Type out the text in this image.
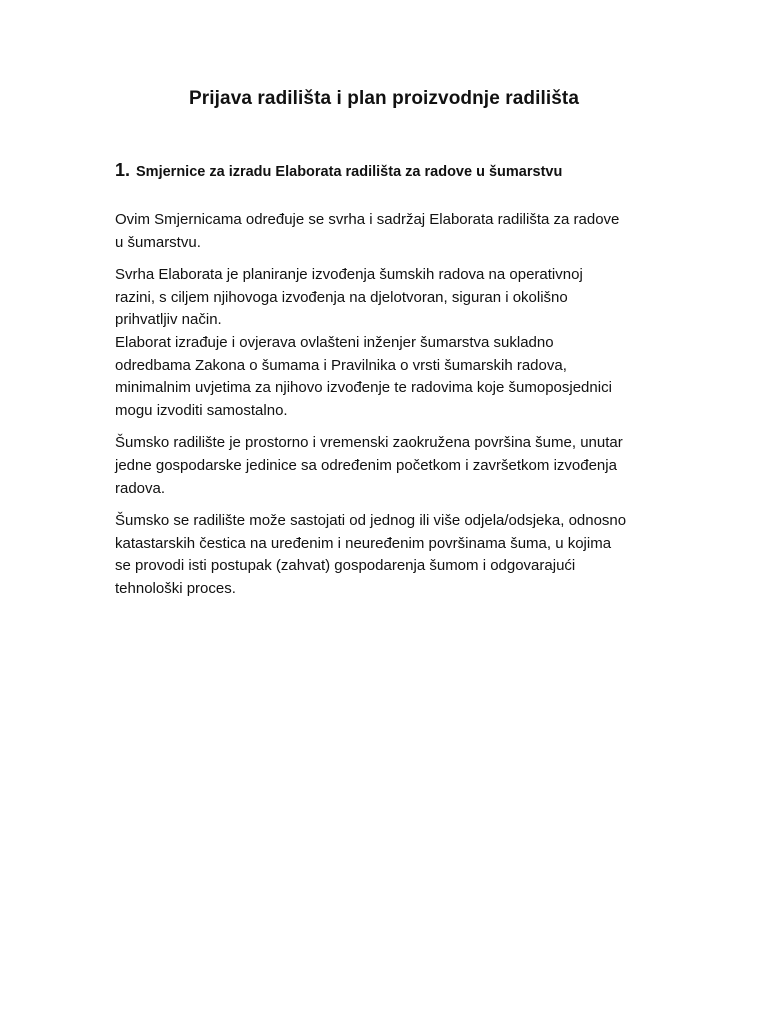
Prijava radilišta i plan proizvodnje radilišta
1. Smjernice za izradu Elaborata radilišta za radove u šumarstvu

Ovim Smjernicama određuje se svrha i sadržaj Elaborata radilišta za radove
u šumarstvu.

Svrha Elaborata je planiranje izvođenja šumskih radova na operativnoj
razini, s ciljem njihovoga izvođenja na djelotvoran, siguran i okolišno
prihvatljiv način.

Elaborat izrađuje i ovjerava ovlašteni inženjer šumarstva sukladno
odredbama Zakona o šumama i Pravilnika o vrsti šumarskih radova,
minimalnim uvjetima za njihovo izvođenje te radovima koje šumoposjednici
mogu izvoditi samostalno.

Šumsko radilište je prostorno i vremenski zaokružena površina šume, unutar
jedne gospodarske jedinice sa određenim početkom i završetkom izvođenja
radova.

Šumsko se radilište može sastojati od jednog ili više odjela/odsjeka, odnosno
katastarskih čestica na uređenim i neuređenim površinama šuma, u kojima
se provodi isti postupak (zahvat) gospodarenja šumom i odgovarajući
tehnološki proces.
